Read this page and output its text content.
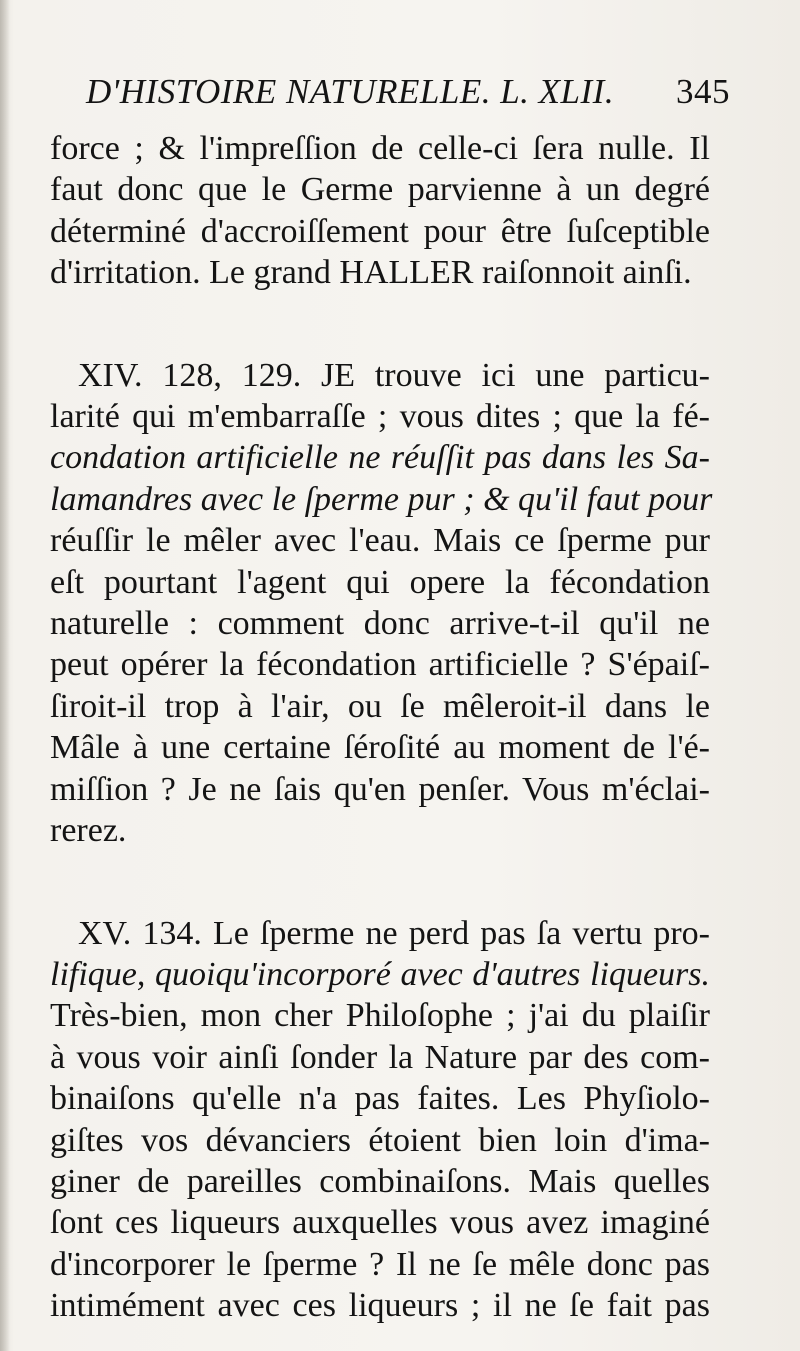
D'HISTOIRE NATURELLE. L. XLII. 345
force ; & l'impreſſion de celle-ci ſera nulle. Il
faut donc que le Germe parvienne à un degré
déterminé d'accroiſſement pour être ſuſceptible
d'irritation. Le grand HALLER raiſonnoit ainſi.
XIV. 128, 129. JE trouve ici une particu-
larité qui m'embarraſſe ; vous dites ; que la fé-
condation artificielle ne réuſſit pas dans les Sa-
lamandres avec le ſperme pur ; & qu'il faut pour
réuſſir le mêler avec l'eau. Mais ce ſperme pur
eſt pourtant l'agent qui opere la fécondation
naturelle : comment donc arrive-t-il qu'il ne
peut opérer la fécondation artificielle ? S'épaiſ-
ſiroit-il trop à l'air, ou ſe mêleroit-il dans le
Mâle à une certaine ſéroſité au moment de l'é-
miſſion ? Je ne ſais qu'en penſer. Vous m'éclai-
rerez.
XV. 134. Le ſperme ne perd pas ſa vertu pro-
lifique, quoiqu'incorporé avec d'autres liqueurs.
Très-bien, mon cher Philoſophe ; j'ai du plaiſir
à vous voir ainſi ſonder la Nature par des com-
binaiſons qu'elle n'a pas faites. Les Phyſiolo-
giſtes vos dévanciers étoient bien loin d'ima-
giner de pareilles combinaiſons. Mais quelles
ſont ces liqueurs auxquelles vous avez imaginé
d'incorporer le ſperme ? Il ne ſe mêle donc pas
intimément avec ces liqueurs ; il ne ſe fait pas
